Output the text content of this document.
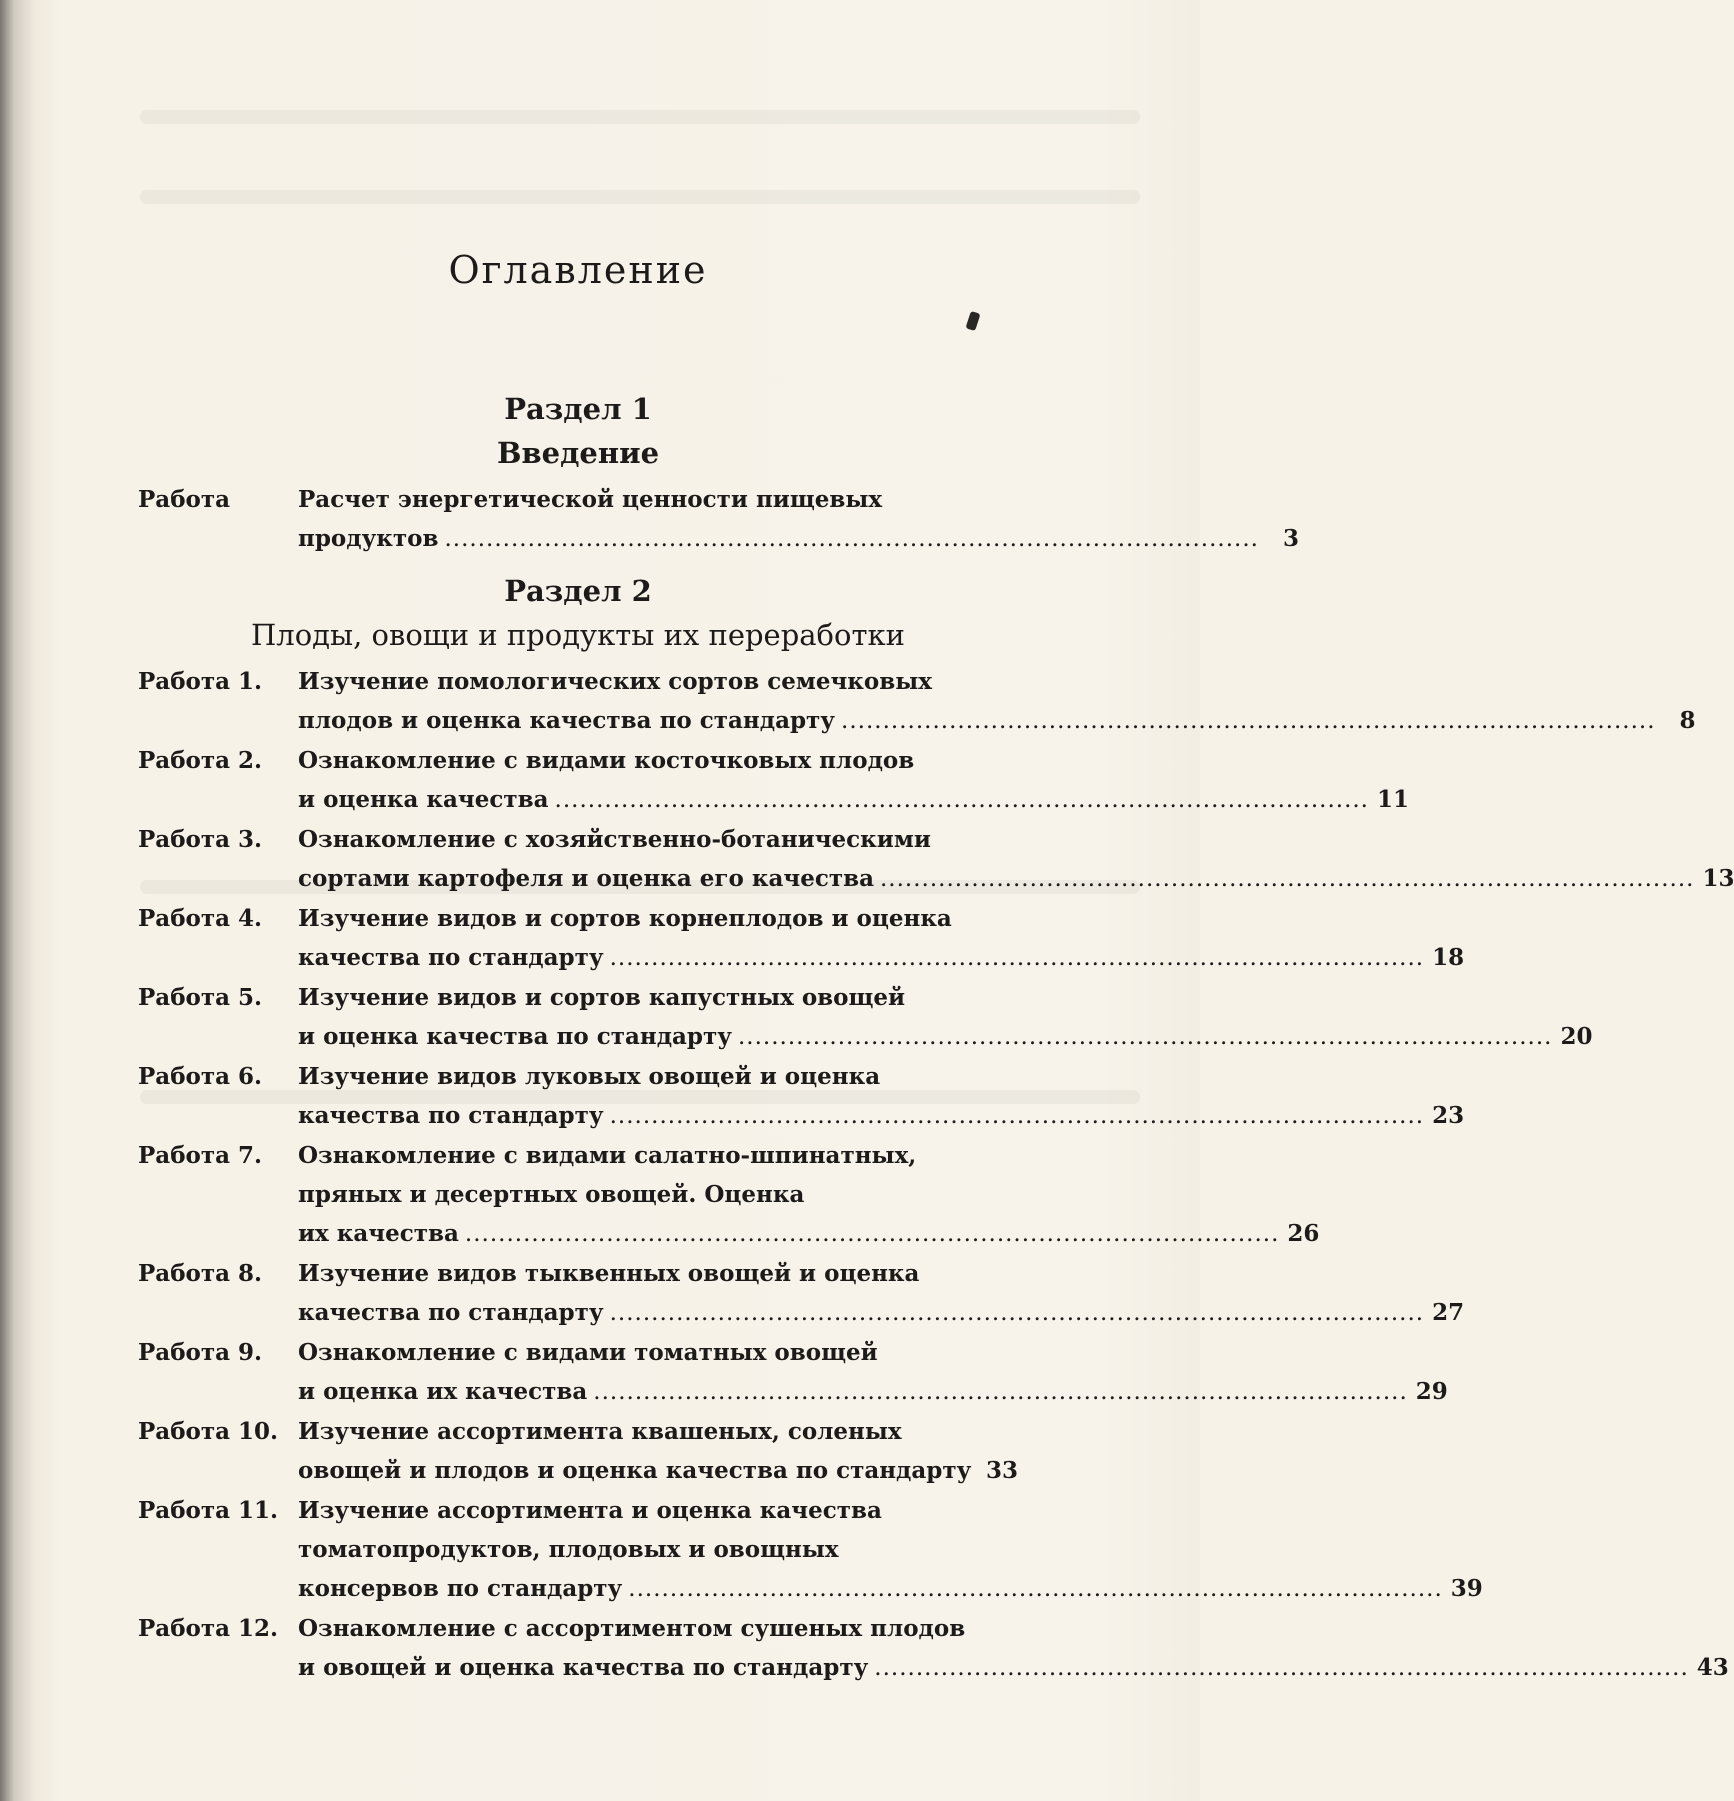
Оглавление
Раздел 1
Введение
Работа	Расчет энергетической ценности пищевых
продуктов ..................................................................................................	3
Раздел 2
Плоды, овощи и продукты их переработки
Работа 1. Изучение помологических сортов семечковых
плодов и оценка качества по стандарту ..................................................................................................	8
Работа 2. Ознакомление с видами косточковых плодов
и оценка качества .................................................................................................. 11
Работа 3. Ознакомление с хозяйственно-ботаническими
сортами картофеля и оценка его качества .................................................................................................. 13
Работа 4. Изучение видов и сортов корнеплодов и оценка
качества по стандарту .................................................................................................. 18
Работа 5. Изучение видов и сортов капустных овощей
и оценка качества по стандарту .................................................................................................. 20
Работа 6. Изучение видов луковых овощей и оценка
качества по стандарту .................................................................................................. 23
Работа 7. Ознакомление с видами салатно-шпинатных,
пряных и десертных овощей. Оценка
их качества .................................................................................................. 26
Работа 8. Изучение видов тыквенных овощей и оценка
качества по стандарту .................................................................................................. 27
Работа 9. Ознакомление с видами томатных овощей
и оценка их качества .................................................................................................. 29
Работа 10. Изучение ассортимента квашеных, соленых
овощей и плодов и оценка качества по стандарту 33
Работа 11. Изучение ассортимента и оценка качества
томатопродуктов, плодовых и овощных
консервов по стандарту .................................................................................................. 39
Работа 12. Ознакомление с ассортиментом сушеных плодов
и овощей и оценка качества по стандарту .................................................................................................. 43
